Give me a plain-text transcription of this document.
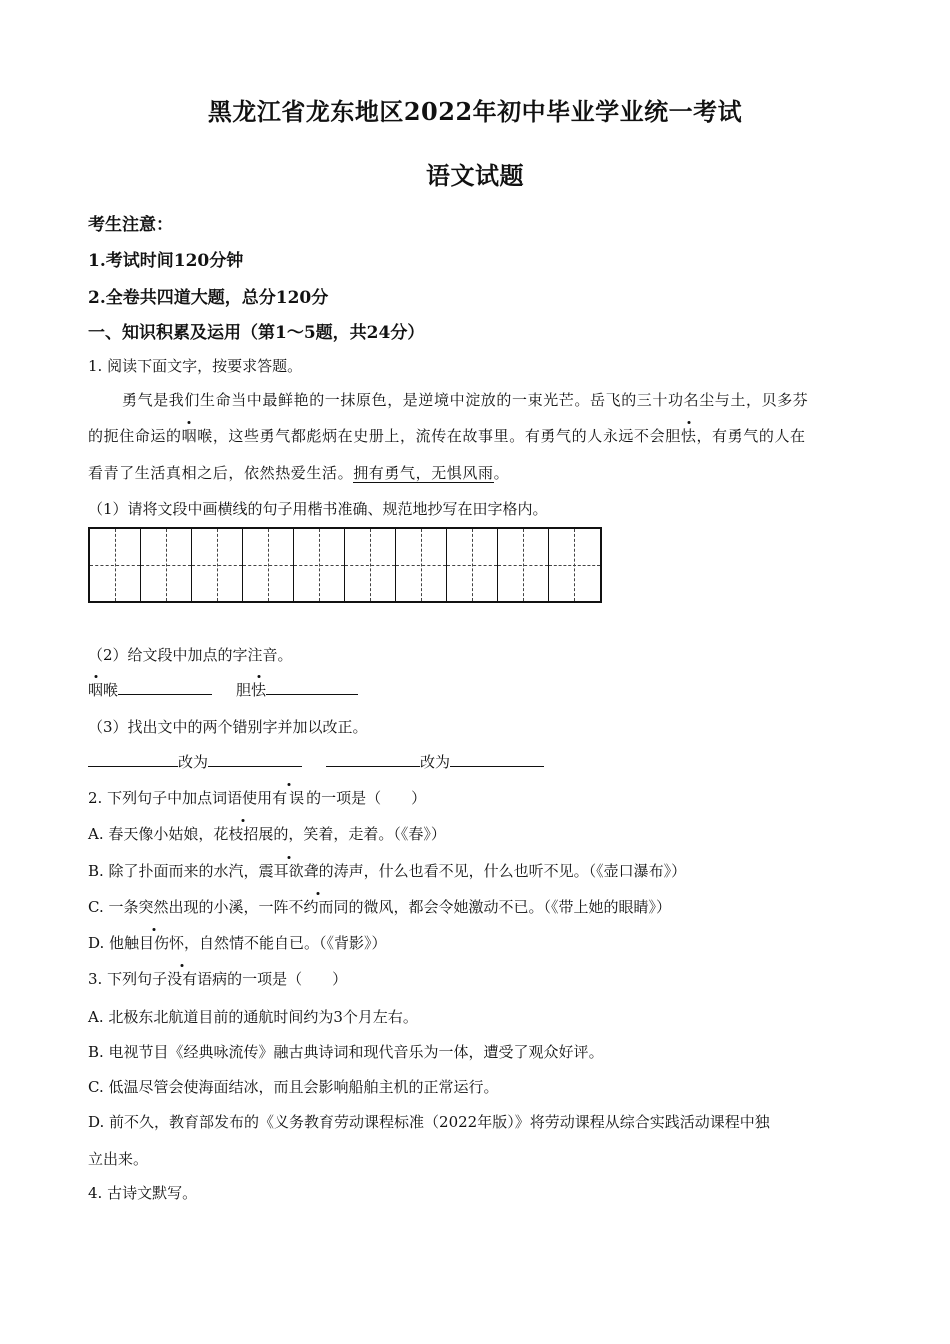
黑龙江省龙东地区2022年初中毕业学业统一考试
语文试题
考生注意：
1.考试时间120分钟
2.全卷共四道大题，总分120分
一、知识积累及运用（第1～5题，共24分）
1. 阅读下面文字，按要求答题。
勇气是我们生命当中最鲜艳的一抹原色，是逆境中淀放的一束光芒。岳飞的三十功名尘与土，贝多芬
的扼住命运的咽喉，这些勇气都彪炳在史册上，流传在故事里。有勇气的人永远不会胆怯，有勇气的人在
看青了生活真相之后，依然热爱生活。拥有勇气，无惧风雨。
（1）请将文段中画横线的句子用楷书准确、规范地抄写在田字格内。
（2）给文段中加点的字注音。
咽喉	胆怯
（3）找出文中的两个错别字并加以改正。
改为	改为
2. 下列句子中加点词语使用有误的一项是（　　）
A. 春天像小姑娘，花枝招展的，笑着，走着。（《春》）
B. 除了扑面而来的水汽，震耳欲聋的涛声，什么也看不见，什么也听不见。（《壶口瀑布》）
C. 一条突然出现的小溪，一阵不约而同的微风，都会令她激动不已。（《带上她的眼睛》）
D. 他触目伤怀，自然情不能自已。（《背影》）
3. 下列句子没有语病的一项是（　　）
A. 北极东北航道目前的通航时间约为3个月左右。
B. 电视节目《经典咏流传》融古典诗词和现代音乐为一体，遭受了观众好评。
C. 低温尽管会使海面结冰，而且会影响船舶主机的正常运行。
D. 前不久，教育部发布的《义务教育劳动课程标准（2022年版）》将劳动课程从综合实践活动课程中独
立出来。
4. 古诗文默写。
